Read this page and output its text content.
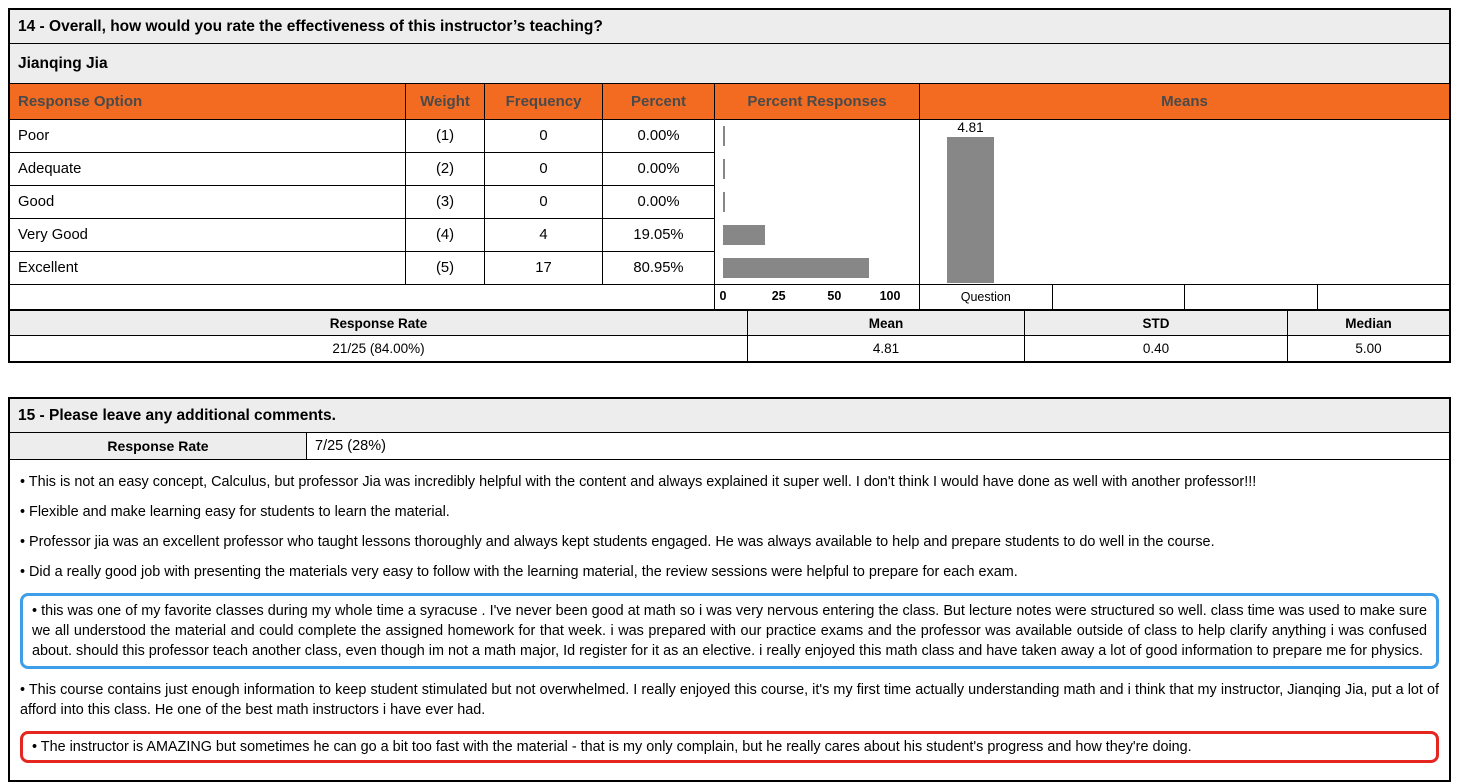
14 - Overall, how would you rate the effectiveness of this instructor’s teaching?
Jianqing Jia
Response Option	Weight	Frequency	Percent	Percent Responses	Means
4.81
0	25	50	100	Question
Poor	(1)	0	0.00%
Adequate	(2)	0	0.00%
Good	(3)	0	0.00%
Very Good	(4)	4	19.05%
Excellent	(5)	17	80.95%
Response Rate	Mean	STD	Median
21/25 (84.00%)	4.81	0.40	5.00
15 - Please leave any additional comments.
Response Rate	7/25 (28%)
• This is not an easy concept, Calculus, but professor Jia was incredibly helpful with the content and always explained it super well. I don't think I would have done as well with another professor!!!
• Flexible and make learning easy for students to learn the material.
• Professor jia was an excellent professor who taught lessons thoroughly and always kept students engaged. He was always available to help and prepare students to do well in the course.
• Did a really good job with presenting the materials very easy to follow with the learning material, the review sessions were helpful to prepare for each exam.
• this was one of my favorite classes during my whole time a syracuse . I've never been good at math so i was very nervous entering the class. But lecture notes were structured so well. class time was used to make sure we all understood the material and could complete the assigned homework for that week. i was prepared with our practice exams and the professor was available outside of class to help clarify anything i was confused about. should this professor teach another class, even though im not a math major, Id register for it as an elective. i really enjoyed this math class and have taken away a lot of good information to prepare me for physics.
• This course contains just enough information to keep student stimulated but not overwhelmed. I really enjoyed this course, it's my first time actually understanding math and i think that my instructor, Jianqing Jia, put a lot of afford into this class. He one of the best math instructors i have ever had.
• The instructor is AMAZING but sometimes he can go a bit too fast with the material - that is my only complain, but he really cares about his student's progress and how they're doing.
